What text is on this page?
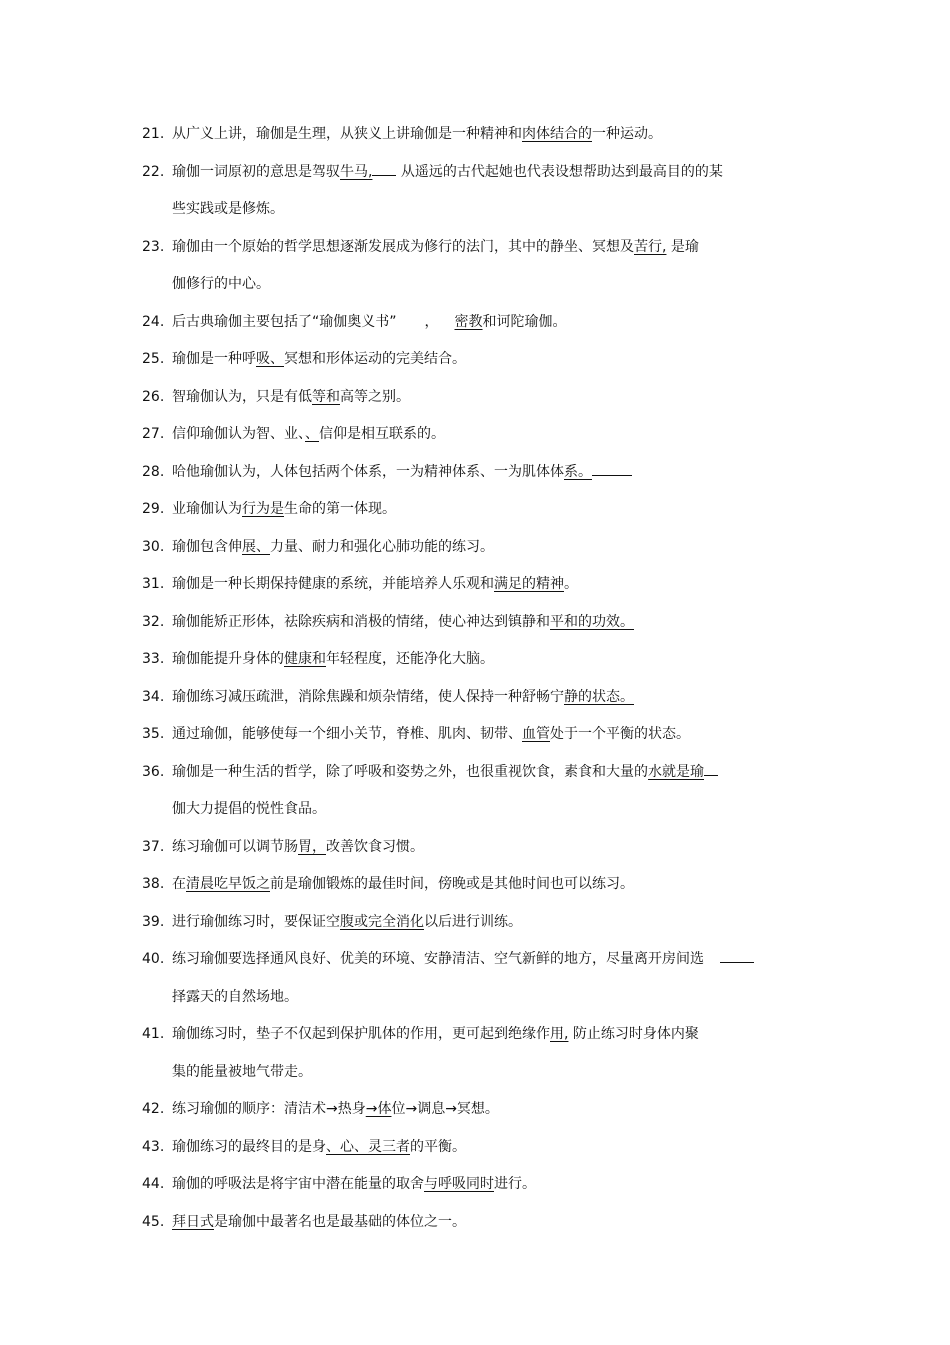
21. 从广义上讲，瑜伽是生理，从狭义上讲瑜伽是一种精神和肉体结合的一种运动。
22. 瑜伽一词原初的意思是驾驭牛马, 从遥远的古代起她也代表设想帮助达到最高目的的某
些实践或是修炼。
23. 瑜伽由一个原始的哲学思想逐渐发展成为修行的法门，其中的静坐、冥想及苦行, 是瑜
伽修行的中心。
24. 后古典瑜伽主要包括了“瑜伽奥义书” ， 密教和诃陀瑜伽。
25. 瑜伽是一种呼吸、冥想和形体运动的完美结合。
26. 智瑜伽认为，只是有低等和高等之别。
27. 信仰瑜伽认为智、业、、信仰是相互联系的。
28. 哈他瑜伽认为，人体包括两个体系，一为精神体系、一为肌体体系。
29. 业瑜伽认为行为是生命的第一体现。
30. 瑜伽包含伸展、力量、耐力和强化心肺功能的练习。
31. 瑜伽是一种长期保持健康的系统，并能培养人乐观和满足的精神。
32. 瑜伽能矫正形体，祛除疾病和消极的情绪，使心神达到镇静和平和的功效。
33. 瑜伽能提升身体的健康和年轻程度，还能净化大脑。
34. 瑜伽练习减压疏泄，消除焦躁和烦杂情绪，使人保持一种舒畅宁静的状态。
35. 通过瑜伽，能够使每一个细小关节，脊椎、肌肉、韧带、血管处于一个平衡的状态。
36. 瑜伽是一种生活的哲学，除了呼吸和姿势之外，也很重视饮食，素食和大量的水就是瑜
伽大力提倡的悦性食品。
37. 练习瑜伽可以调节肠胃，改善饮食习惯。
38. 在清晨吃早饭之前是瑜伽锻炼的最佳时间，傍晚或是其他时间也可以练习。
39. 进行瑜伽练习时，要保证空腹或完全消化以后进行训练。
40. 练习瑜伽要选择通风良好、优美的环境、安静清洁、空气新鲜的地方，尽量离开房间选
择露天的自然场地。
41. 瑜伽练习时，垫子不仅起到保护肌体的作用，更可起到绝缘作用, 防止练习时身体内聚
集的能量被地气带走。
42. 练习瑜伽的顺序：清洁术→热身→体位→调息→冥想。
43. 瑜伽练习的最终目的是身、心、灵三者的平衡。
44. 瑜伽的呼吸法是将宇宙中潜在能量的取舍与呼吸同时进行。
45. 拜日式是瑜伽中最著名也是最基础的体位之一。
